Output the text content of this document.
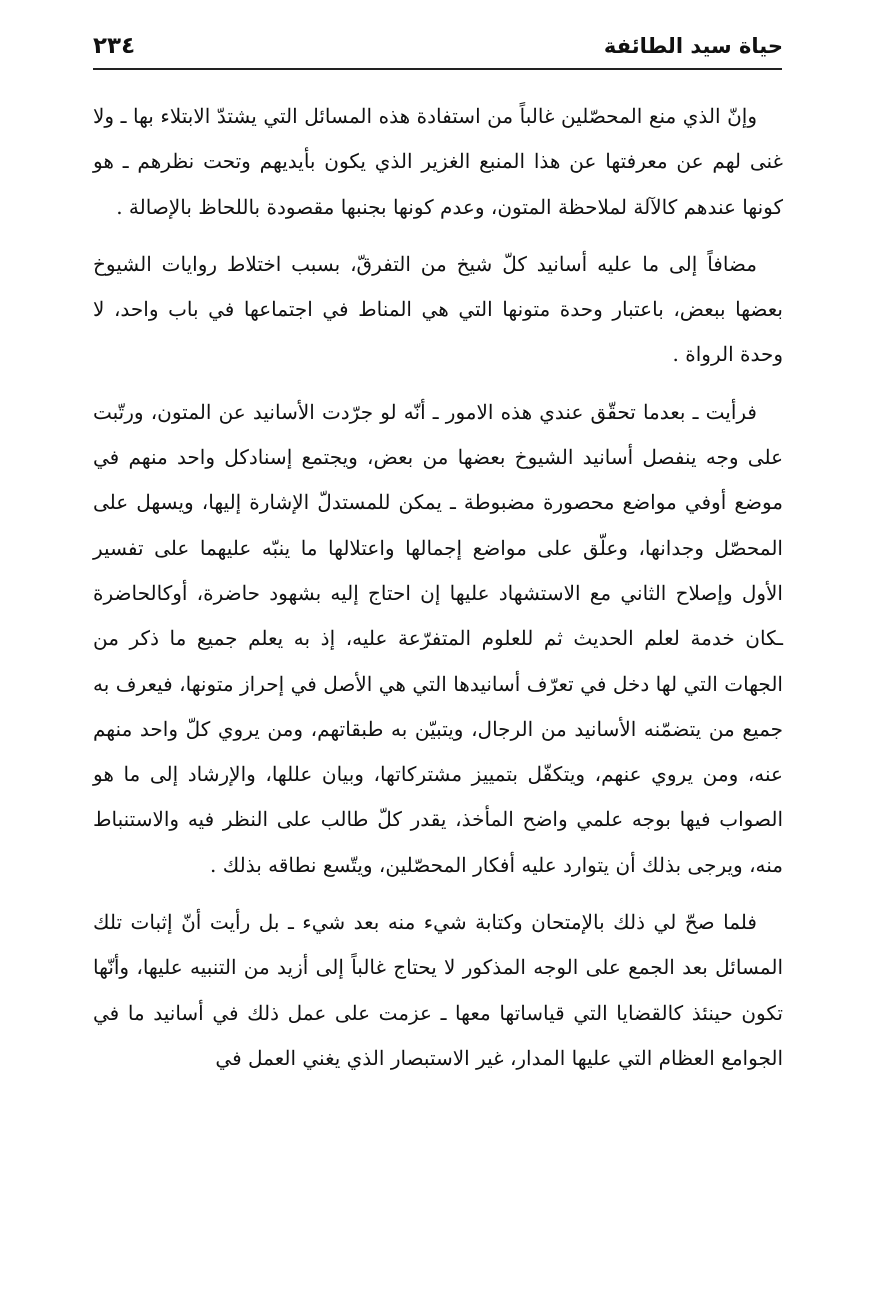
حياة سيد الطائفة
٢٣٤

وإنّ الذي منع المحصّلين غالباً من استفادة هذه المسائل التي يشتدّ الابتلاء بها ـ ولا غنى لهم عن معرفتها عن هذا المنبع الغزير الذي يكون بأيديهم وتحت نظرهم ـ هو كونها عندهم كالآلة لملاحظة المتون، وعدم كونها بجنبها مقصودة باللحاظ بالإصالة .

مضافاً إلى ما عليه أسانيد كلّ شيخ من التفرقّ، بسبب اختلاط روايات الشيوخ بعضها ببعض، باعتبار وحدة متونها التي هي المناط في اجتماعها في باب واحد، لا وحدة الرواة .

فرأيت ـ بعدما تحقّق عندي هذه الامور ـ أنّه لو جرّدت الأسانيد عن المتون، ورتّبت على وجه ينفصل أسانيد الشيوخ بعضها من بعض، ويجتمع إسنادكل واحد منهم في موضع أوفي مواضع محصورة مضبوطة ـ يمكن للمستدلّ الإشارة إليها، ويسهل على المحصّل وجدانها، وعلّق على مواضع إجمالها واعتلالها ما ينبّه عليهما على تفسير الأول وإصلاح الثاني مع الاستشهاد عليها إن احتاج إليه بشهود حاضرة، أوكالحاضرة ـكان خدمة لعلم الحديث ثم للعلوم المتفرّعة عليه، إذ به يعلم جميع ما ذكر من الجهات التي لها دخل في تعرّف أسانيدها التي هي الأصل في إحراز متونها، فيعرف به جميع من يتضمّنه الأسانيد من الرجال، ويتبيّن به طبقاتهم، ومن يروي كلّ واحد منهم عنه، ومن يروي عنهم، ويتكفّل بتمييز مشتركاتها، وبيان عللها، والإرشاد إلى ما هو الصواب فيها بوجه علمي واضح المأخذ، يقدر كلّ طالب على النظر فيه والاستنباط منه، ويرجى بذلك أن يتوارد عليه أفكار المحصّلين، ويتّسع نطاقه بذلك .

فلما صحّ لي ذلك بالإمتحان وكتابة شيء منه بعد شيء ـ بل رأيت أنّ إثبات تلك المسائل بعد الجمع على الوجه المذكور لا يحتاج غالباً إلى أزيد من التنبيه عليها، وأنّها تكون حينئذ كالقضايا التي قياساتها معها ـ عزمت على عمل ذلك في أسانيد ما في الجوامع العظام التي عليها المدار، غير الاستبصار الذي يغني العمل في
